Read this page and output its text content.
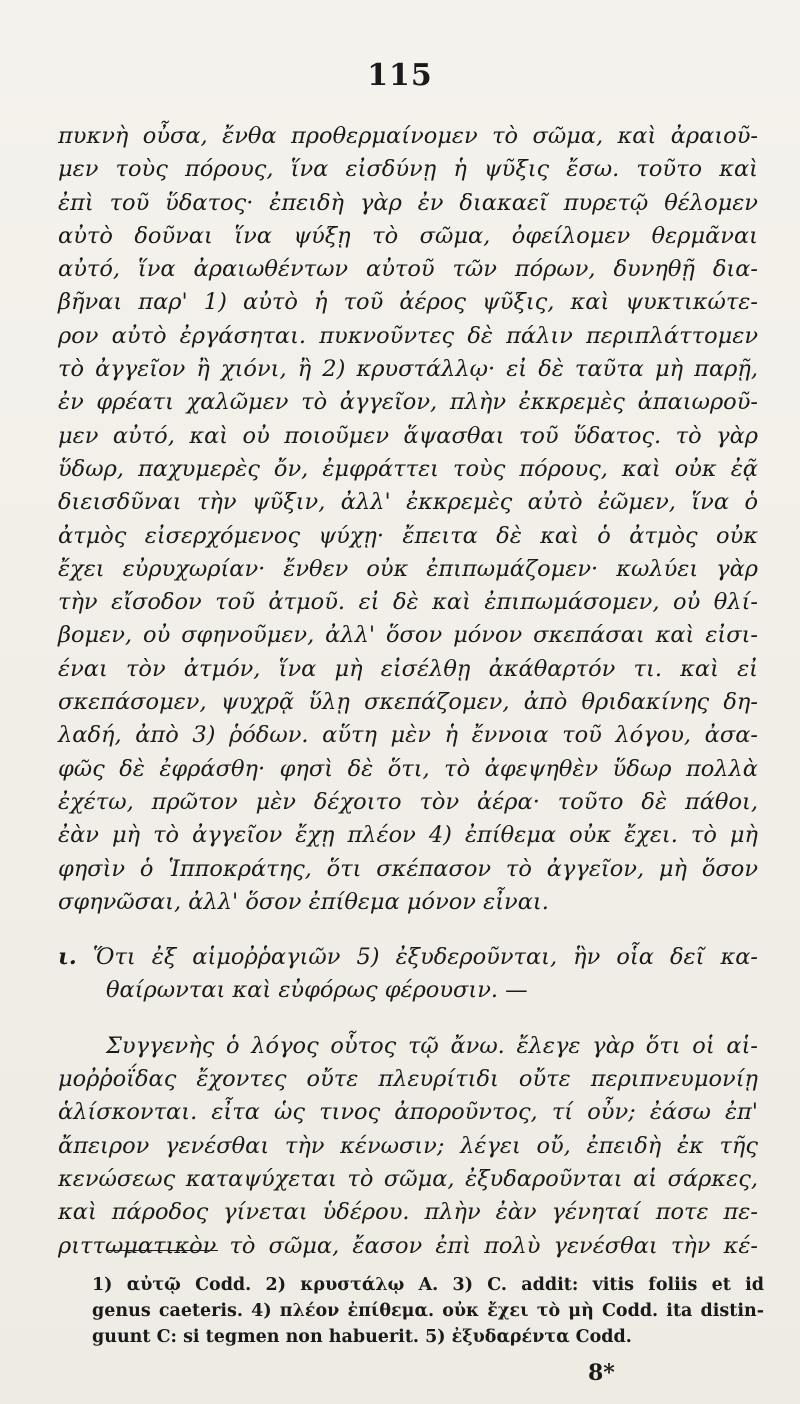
115
πυκνὴ οὖσα, ἔνθα προθερμαίνομεν τὸ σῶμα, καὶ ἀραιοῦ-
μεν τοὺς πόρους, ἵνα εἰσδύνῃ ἡ ψῦξις ἔσω. τοῦτο καὶ
ἐπὶ τοῦ ὕδατος· ἐπειδὴ γὰρ ἐν διακαεῖ πυρετῷ θέλομεν
αὐτὸ δοῦναι ἵνα ψύξῃ τὸ σῶμα, ὀφείλομεν θερμᾶναι
αὐτό, ἵνα ἀραιωθέντων αὐτοῦ τῶν πόρων, δυνηθῇ δια-
βῆναι παρ' 1) αὐτὸ ἡ τοῦ ἀέρος ψῦξις, καὶ ψυκτικώτε-
ρον αὐτὸ ἐργάσηται. πυκνοῦντες δὲ πάλιν περιπλάττομεν
τὸ ἀγγεῖον ἢ χιόνι, ἢ 2) κρυστάλλῳ· εἰ δὲ ταῦτα μὴ παρῇ,
ἐν φρέατι χαλῶμεν τὸ ἀγγεῖον, πλὴν ἐκκρεμὲς ἀπαιωροῦ-
μεν αὐτό, καὶ οὐ ποιοῦμεν ἅψασθαι τοῦ ὕδατος. τὸ γὰρ
ὕδωρ, παχυμερὲς ὄν, ἐμφράττει τοὺς πόρους, καὶ οὐκ ἐᾷ
διεισδῦναι τὴν ψῦξιν, ἀλλ' ἐκκρεμὲς αὐτὸ ἐῶμεν, ἵνα ὁ
ἀτμὸς εἰσερχόμενος ψύχῃ· ἔπειτα δὲ καὶ ὁ ἀτμὸς οὐκ
ἔχει εὐρυχωρίαν· ἔνθεν οὐκ ἐπιπωμάζομεν· κωλύει γὰρ
τὴν εἴσοδον τοῦ ἀτμοῦ. εἰ δὲ καὶ ἐπιπωμάσομεν, οὐ θλί-
βομεν, οὐ σφηνοῦμεν, ἀλλ' ὅσον μόνον σκεπάσαι καὶ εἰσι-
έναι τὸν ἀτμόν, ἵνα μὴ εἰσέλθῃ ἀκάθαρτόν τι. καὶ εἰ
σκεπάσομεν, ψυχρᾷ ὕλῃ σκεπάζομεν, ἀπὸ θριδακίνης δη-
λαδή, ἀπὸ 3) ῥόδων. αὕτη μὲν ἡ ἔννοια τοῦ λόγου, ἀσα-
φῶς δὲ ἐφράσθη· φησὶ δὲ ὅτι, τὸ ἀφεψηθὲν ὕδωρ πολλὰ
ἐχέτω, πρῶτον μὲν δέχοιτο τὸν ἀέρα· τοῦτο δὲ πάθοι,
ἐὰν μὴ τὸ ἀγγεῖον ἔχῃ πλέον 4) ἐπίθεμα οὐκ ἔχει. τὸ μὴ
φησὶν ὁ Ἱπποκράτης, ὅτι σκέπασον τὸ ἀγγεῖον, μὴ ὅσον
σφηνῶσαι, ἀλλ' ὅσον ἐπίθεμα μόνον εἶναι.
ι. Ὅτι ἐξ αἱμοῤῥαγιῶν 5) ἐξυδεροῦνται, ἣν οἷα δεῖ κα-
θαίρωνται καὶ εὐφόρως φέρουσιν. —
Συγγενὴς ὁ λόγος οὗτος τῷ ἄνω. ἔλεγε γὰρ ὅτι οἱ αἱ-
μοῤῥοΐδας ἔχοντες οὔτε πλευρίτιδι οὔτε περιπνευμονίῃ
ἁλίσκονται. εἶτα ὡς τινος ἀποροῦντος, τί οὖν; ἐάσω ἐπ'
ἄπειρον γενέσθαι τὴν κένωσιν; λέγει οὔ, ἐπειδὴ ἐκ τῆς
κενώσεως καταψύχεται τὸ σῶμα, ἐξυδαροῦνται αἱ σάρκες,
καὶ πάροδος γίνεται ὑδέρου. πλὴν ἐὰν γένηταί ποτε πε-
ριττωματικὸν τὸ σῶμα, ἔασον ἐπὶ πολὺ γενέσθαι τὴν κέ-
1) αὐτῷ Codd. 2) κρυστάλῳ A. 3) C. addit: vitis foliis et id
genus caeteris. 4) πλέον ἐπίθεμα. οὐκ ἔχει τὸ μὴ Codd. ita distin-
guunt C: si tegmen non habuerit. 5) ἐξυδαρέντα Codd.
8*
